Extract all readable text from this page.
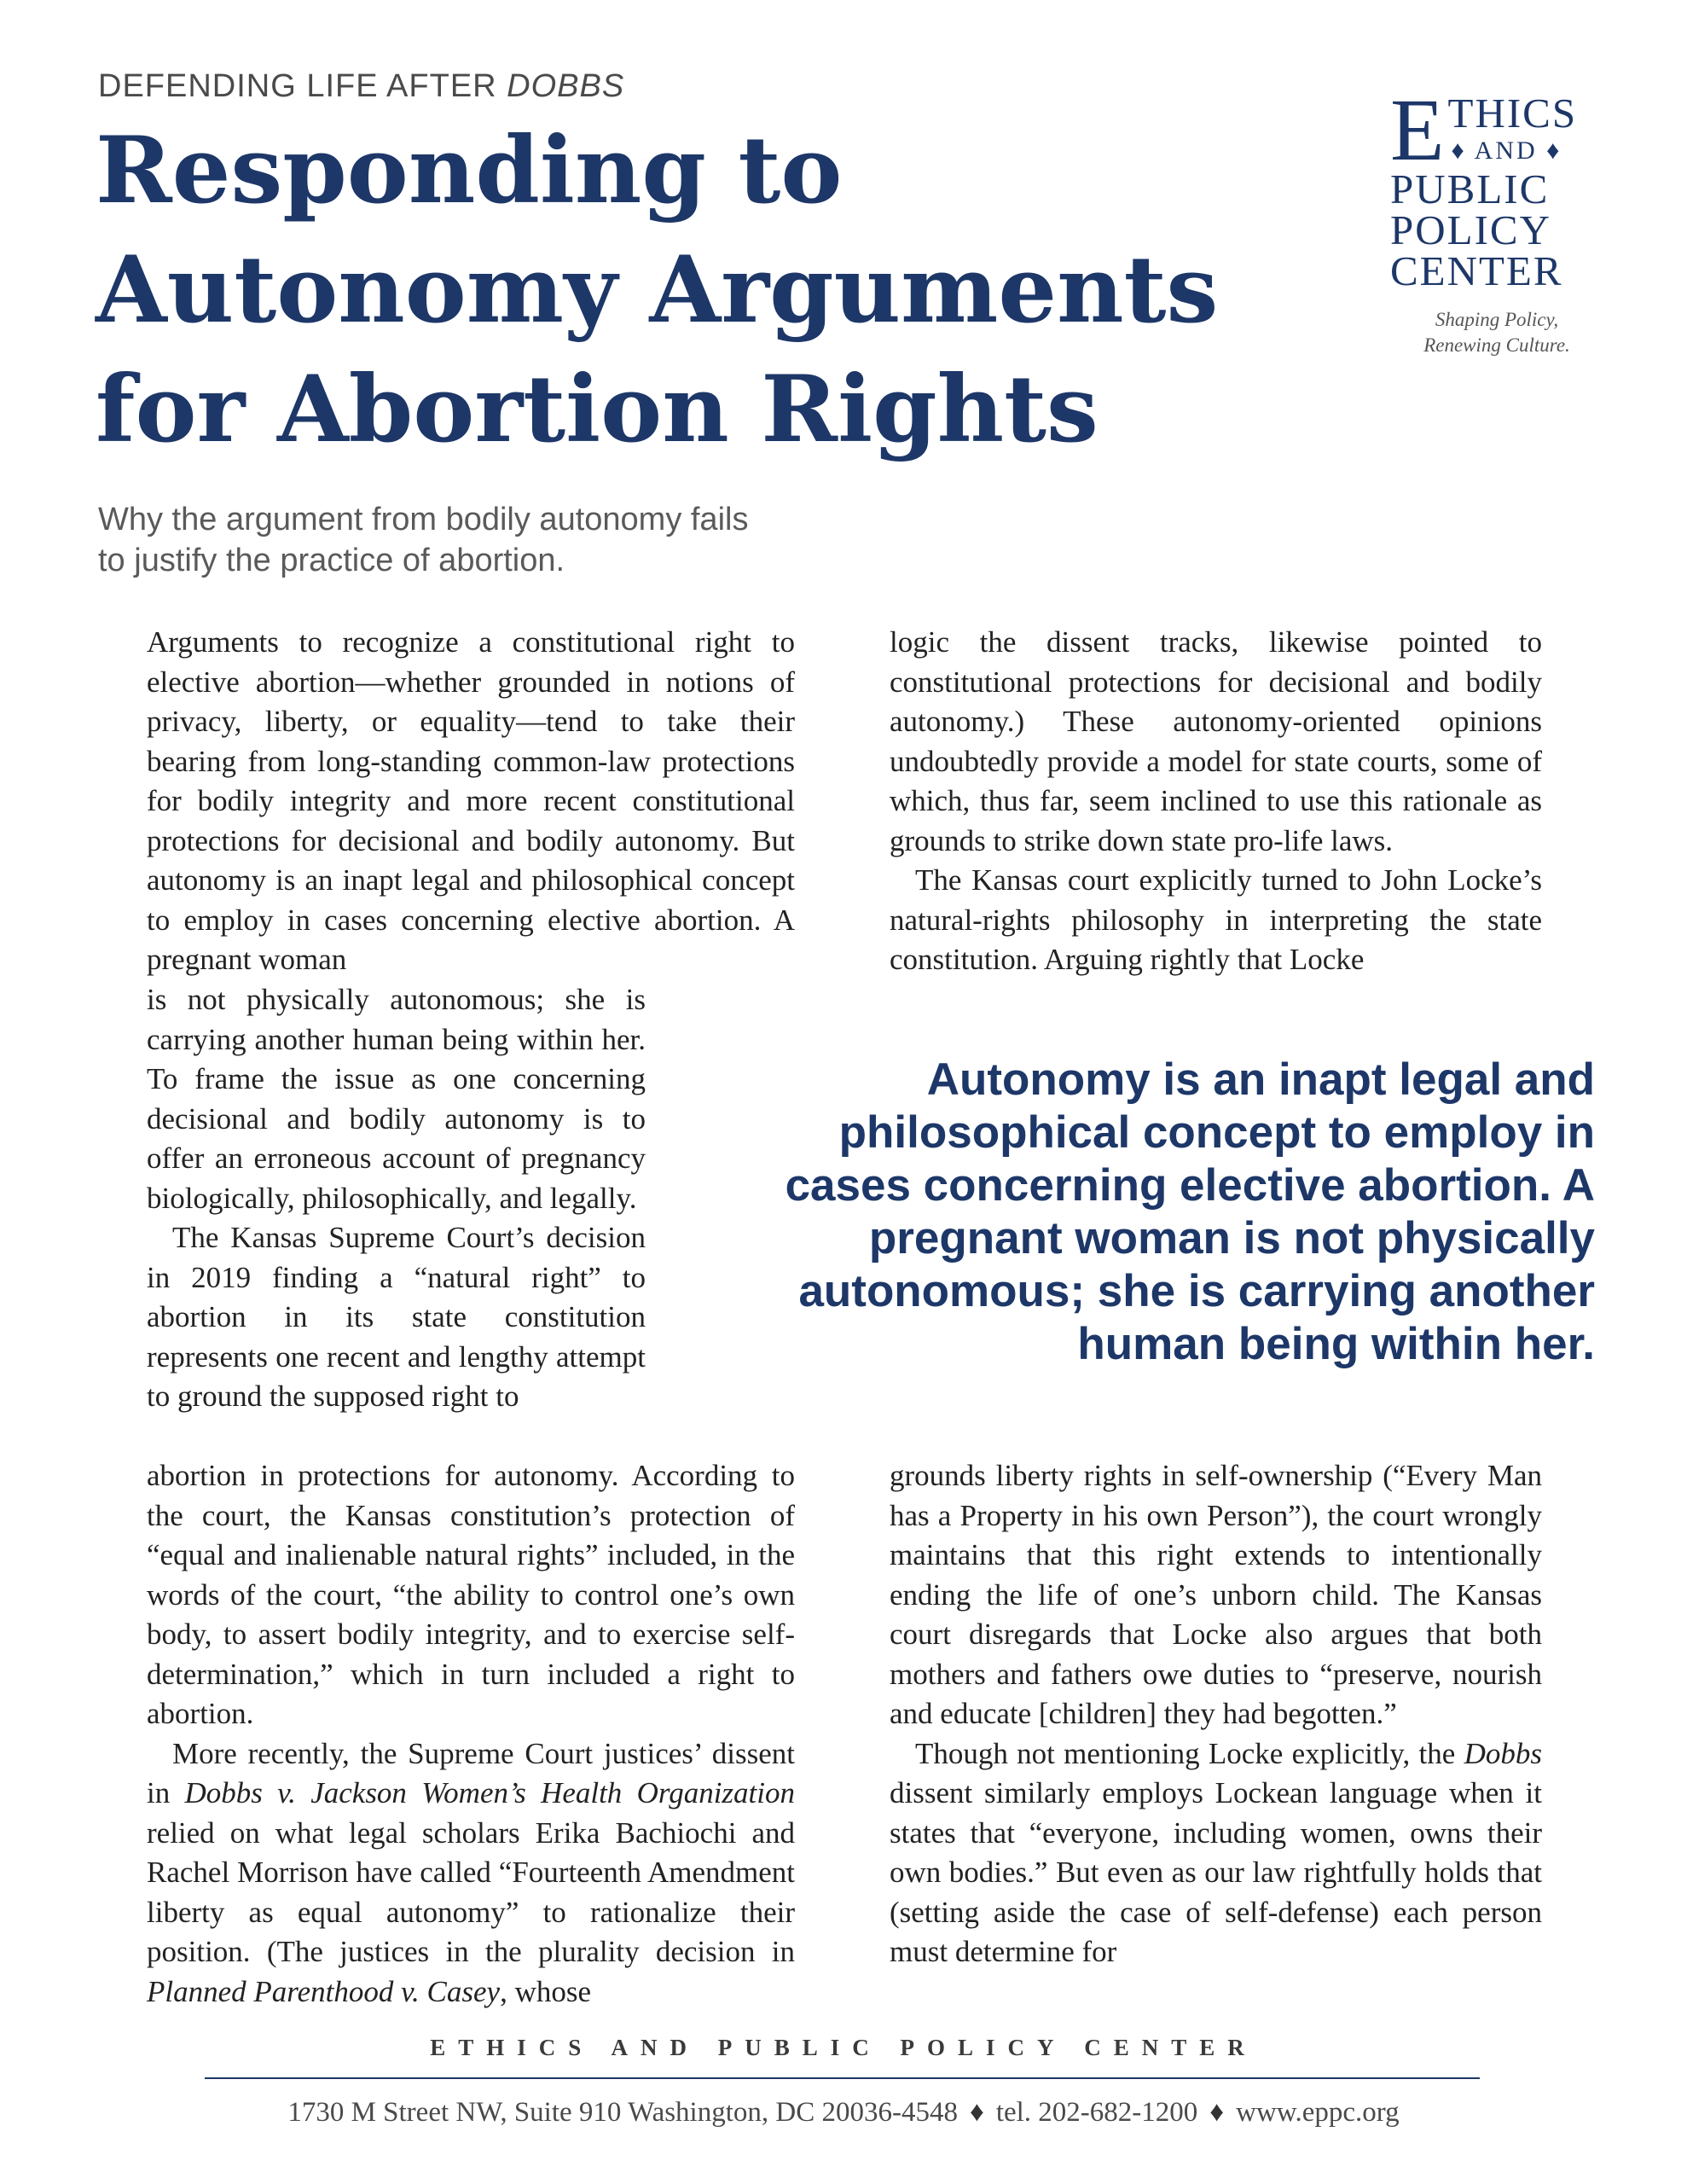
DEFENDING LIFE AFTER DOBBS
Responding to
Autonomy Arguments
for Abortion Rights
E THICS
♦ AND ♦
PUBLIC
POLICY
CENTER
Shaping Policy,
Renewing Culture.
Why the argument from bodily autonomy fails
to justify the practice of abortion.

Arguments to recognize a constitutional right to elective abortion—whether grounded in notions of privacy, liberty, or equality—tend to take their bearing from long-standing common-law protections for bodily integrity and more recent constitutional protections for decisional and bodily autonomy. But autonomy is an inapt legal and philosophical concept to employ in cases concerning elective abortion. A pregnant woman

is not physically autonomous; she is carrying another human being within her. To frame the issue as one concerning decisional and bodily autonomy is to offer an erroneous account of pregnancy biologically, philosophically, and legally.

The Kansas Supreme Court’s decision in 2019 finding a “natural right” to abortion in its state constitution represents one recent and lengthy attempt to ground the supposed right to

abortion in protections for autonomy. According to the court, the Kansas constitution’s protection of “equal and inalienable natural rights” included, in the words of the court, “the ability to control one’s own body, to assert bodily integrity, and to exercise self-determination,” which in turn included a right to abortion.

More recently, the Supreme Court justices’ dissent in Dobbs v. Jackson Women’s Health Organization relied on what legal scholars Erika Bachiochi and Rachel Morrison have called “Fourteenth Amendment liberty as equal autonomy” to rationalize their position. (The justices in the plurality decision in Planned Parenthood v. Casey, whose

logic the dissent tracks, likewise pointed to constitutional protections for decisional and bodily autonomy.) These autonomy-oriented opinions undoubtedly provide a model for state courts, some of which, thus far, seem inclined to use this rationale as grounds to strike down state pro-life laws.

The Kansas court explicitly turned to John Locke’s natural-rights philosophy in interpreting the state constitution. Arguing rightly that Locke

Autonomy is an inapt legal and philosophical concept to employ in cases concerning elective abortion. A pregnant woman is not physically autonomous; she is carrying another human being within her.

grounds liberty rights in self-ownership (“Every Man has a Property in his own Person”), the court wrongly maintains that this right extends to intentionally ending the life of one’s unborn child. The Kansas court disregards that Locke also argues that both mothers and fathers owe duties to “preserve, nourish and educate [children] they had begotten.”

Though not mentioning Locke explicitly, the Dobbs dissent similarly employs Lockean language when it states that “everyone, including women, owns their own bodies.” But even as our law rightfully holds that (setting aside the case of self-defense) each person must determine for

ETHICS AND PUBLIC POLICY CENTER
1730 M Street NW, Suite 910 Washington, DC 20036-4548 ♦ tel. 202-682-1200 ♦ www.eppc.org
